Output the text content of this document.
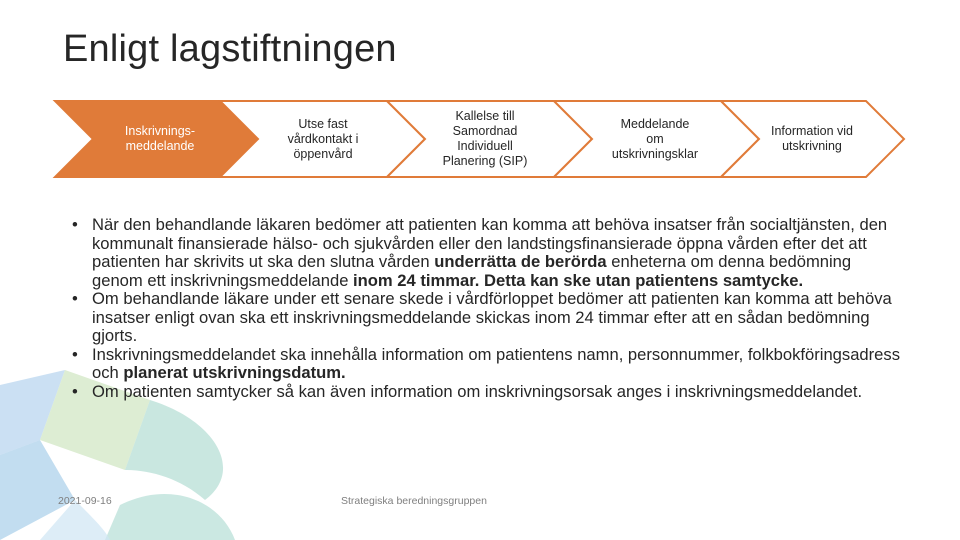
Enligt lagstiftningen
Inskrivnings-
meddelande
Utse fast
vårdkontakt i
öppenvård
Kallelse till
Samordnad
Individuell
Planering (SIP)
Meddelande
om
utskrivningsklar
Information vid
utskrivning
• När den behandlande läkaren bedömer att patienten kan komma att behöva insatser från socialtjänsten, den kommunalt finansierade hälso- och sjukvården eller den landstingsfinansierade öppna vården efter det att patienten har skrivits ut ska den slutna vården underrätta de berörda enheterna om denna bedömning genom ett inskrivningsmeddelande inom 24 timmar. Detta kan ske utan patientens samtycke.
• Om behandlande läkare under ett senare skede i vårdförloppet bedömer att patienten kan komma att behöva insatser enligt ovan ska ett inskrivningsmeddelande skickas inom 24 timmar efter att en sådan bedömning gjorts.
• Inskrivningsmeddelandet ska innehålla information om patientens namn, personnummer, folkbokföringsadress och planerat utskrivningsdatum.
• Om patienten samtycker så kan även information om inskrivningsorsak anges i inskrivningsmeddelandet.
2021-09-16	Strategiska beredningsgruppen
